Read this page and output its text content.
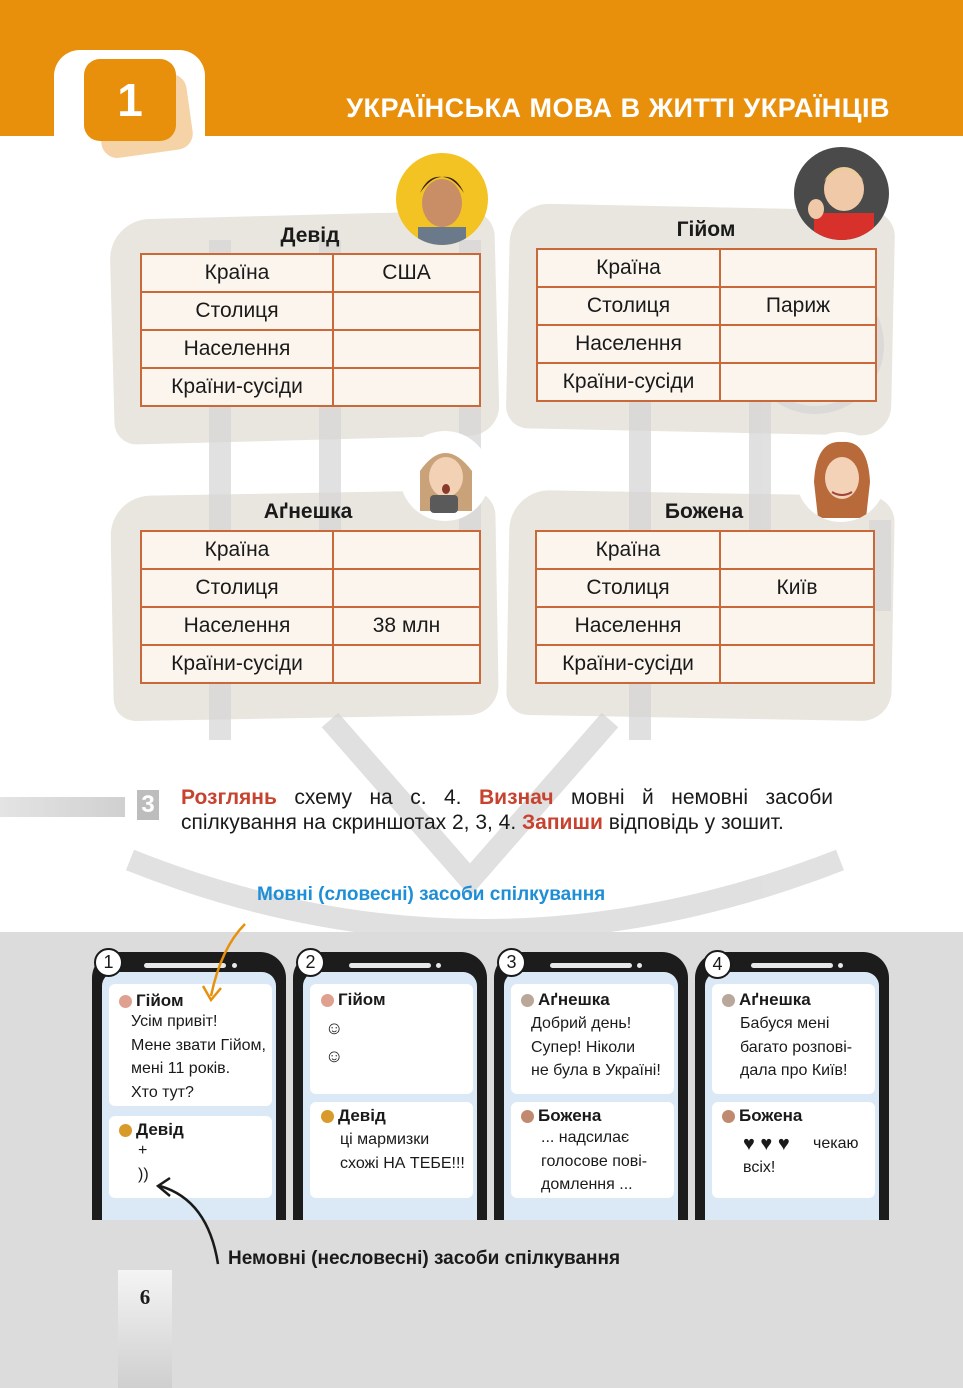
1	УКРАЇНСЬКА МОВА В ЖИТТІ УКРАЇНЦІВ
Девід
Країна	США
Столиця	
Населення	
Країни-сусіди	
Гійом
Країна	
Столиця	Париж
Населення	
Країни-сусіди	
Аґнешка
Країна	
Столиця	
Населення	38 млн
Країни-сусіди	
Божена
Країна	
Столиця	Київ
Населення	
Країни-сусіди	
3 Розглянь схему на с. 4. Визнач мовні й немовні засоби спілкування на скриншотах 2, 3, 4. Запиши відповідь у зошит.
Мовні (словесні) засоби спілкування
Гійом
Усім привіт!
Мене звати Гійом,
мені 11 років.
Хто тут?
Девід
+
))
1
Гійом
☺
☺
Девід
ці мармизки
схожі НА ТЕБЕ!!!
2
Аґнешка
Добрий день!
Супер! Ніколи
не була в Україні!
Божена
... надсилає
голосове пові-
домлення ...
3
Аґнешка
Бабуся мені
багато розпові-
дала про Київ!
Божена
♥ ♥ ♥	чекаю
всіх!
4
Немовні (несловесні) засоби спілкування
6
